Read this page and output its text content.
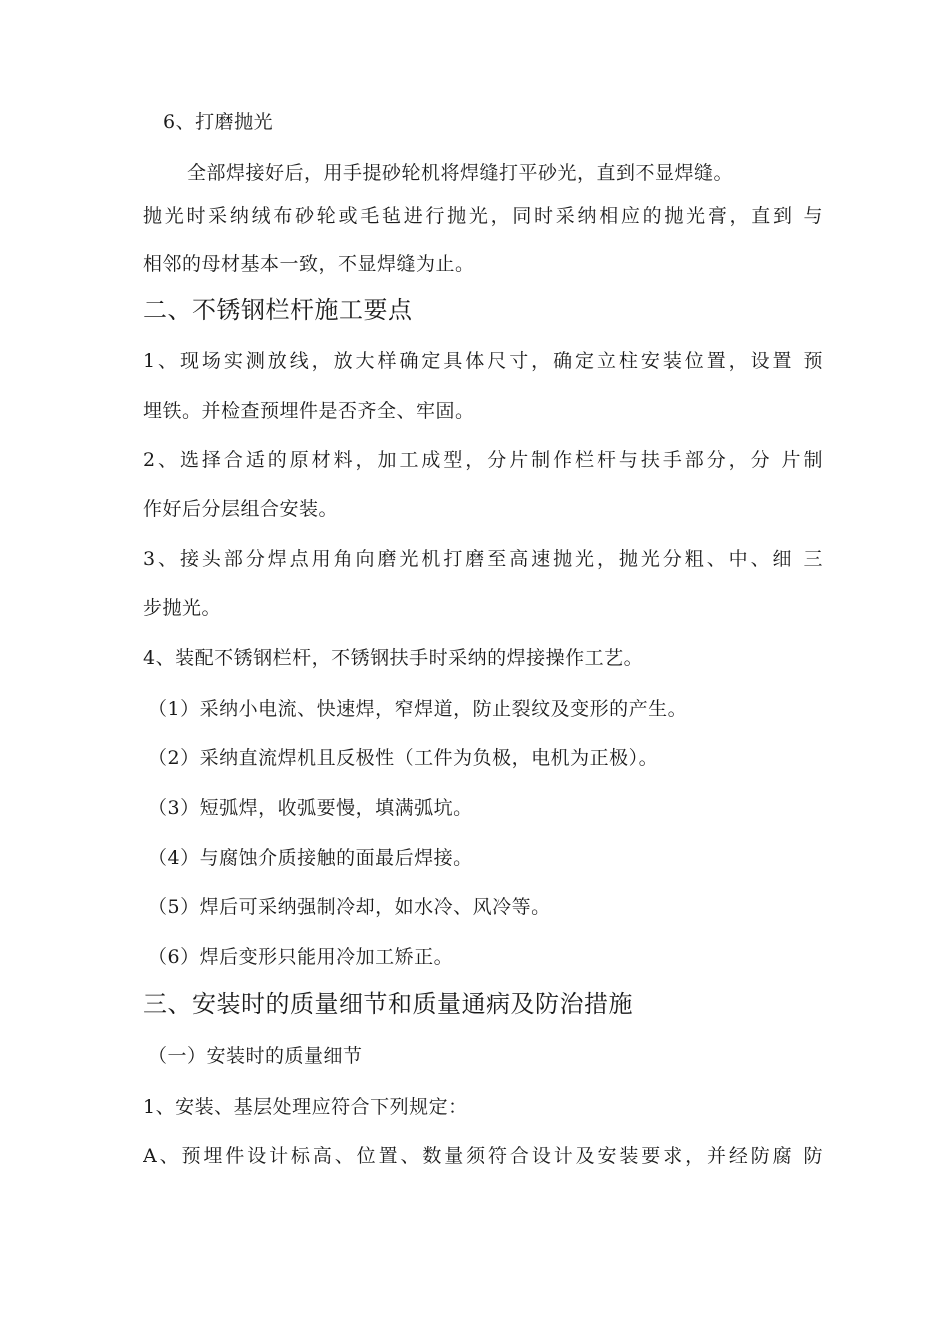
6、打磨抛光
全部焊接好后，用手提砂轮机将焊缝打平砂光，直到不显焊缝。
抛光时采纳绒布砂轮或毛毡进行抛光，同时采纳相应的抛光膏，直到 与
相邻的母材基本一致，不显焊缝为止。
二、不锈钢栏杆施工要点
1、现场实测放线，放大样确定具体尺寸，确定立柱安装位置，设置 预
埋铁。并检查预埋件是否齐全、牢固。
2、选择合适的原材料，加工成型，分片制作栏杆与扶手部分，分 片制
作好后分层组合安装。
3、接头部分焊点用角向磨光机打磨至高速抛光，抛光分粗、中、细 三
步抛光。
4、装配不锈钢栏杆，不锈钢扶手时采纳的焊接操作工艺。
（1）采纳小电流、快速焊，窄焊道，防止裂纹及变形的产生。
（2）采纳直流焊机且反极性（工件为负极，电机为正极）。
（3）短弧焊，收弧要慢，填满弧坑。
（4）与腐蚀介质接触的面最后焊接。
（5）焊后可采纳强制冷却，如水冷、风冷等。
（6）焊后变形只能用冷加工矫正。
三、安装时的质量细节和质量通病及防治措施
（一）安装时的质量细节
1、安装、基层处理应符合下列规定：
A、预埋件设计标高、位置、数量须符合设计及安装要求，并经防腐 防
